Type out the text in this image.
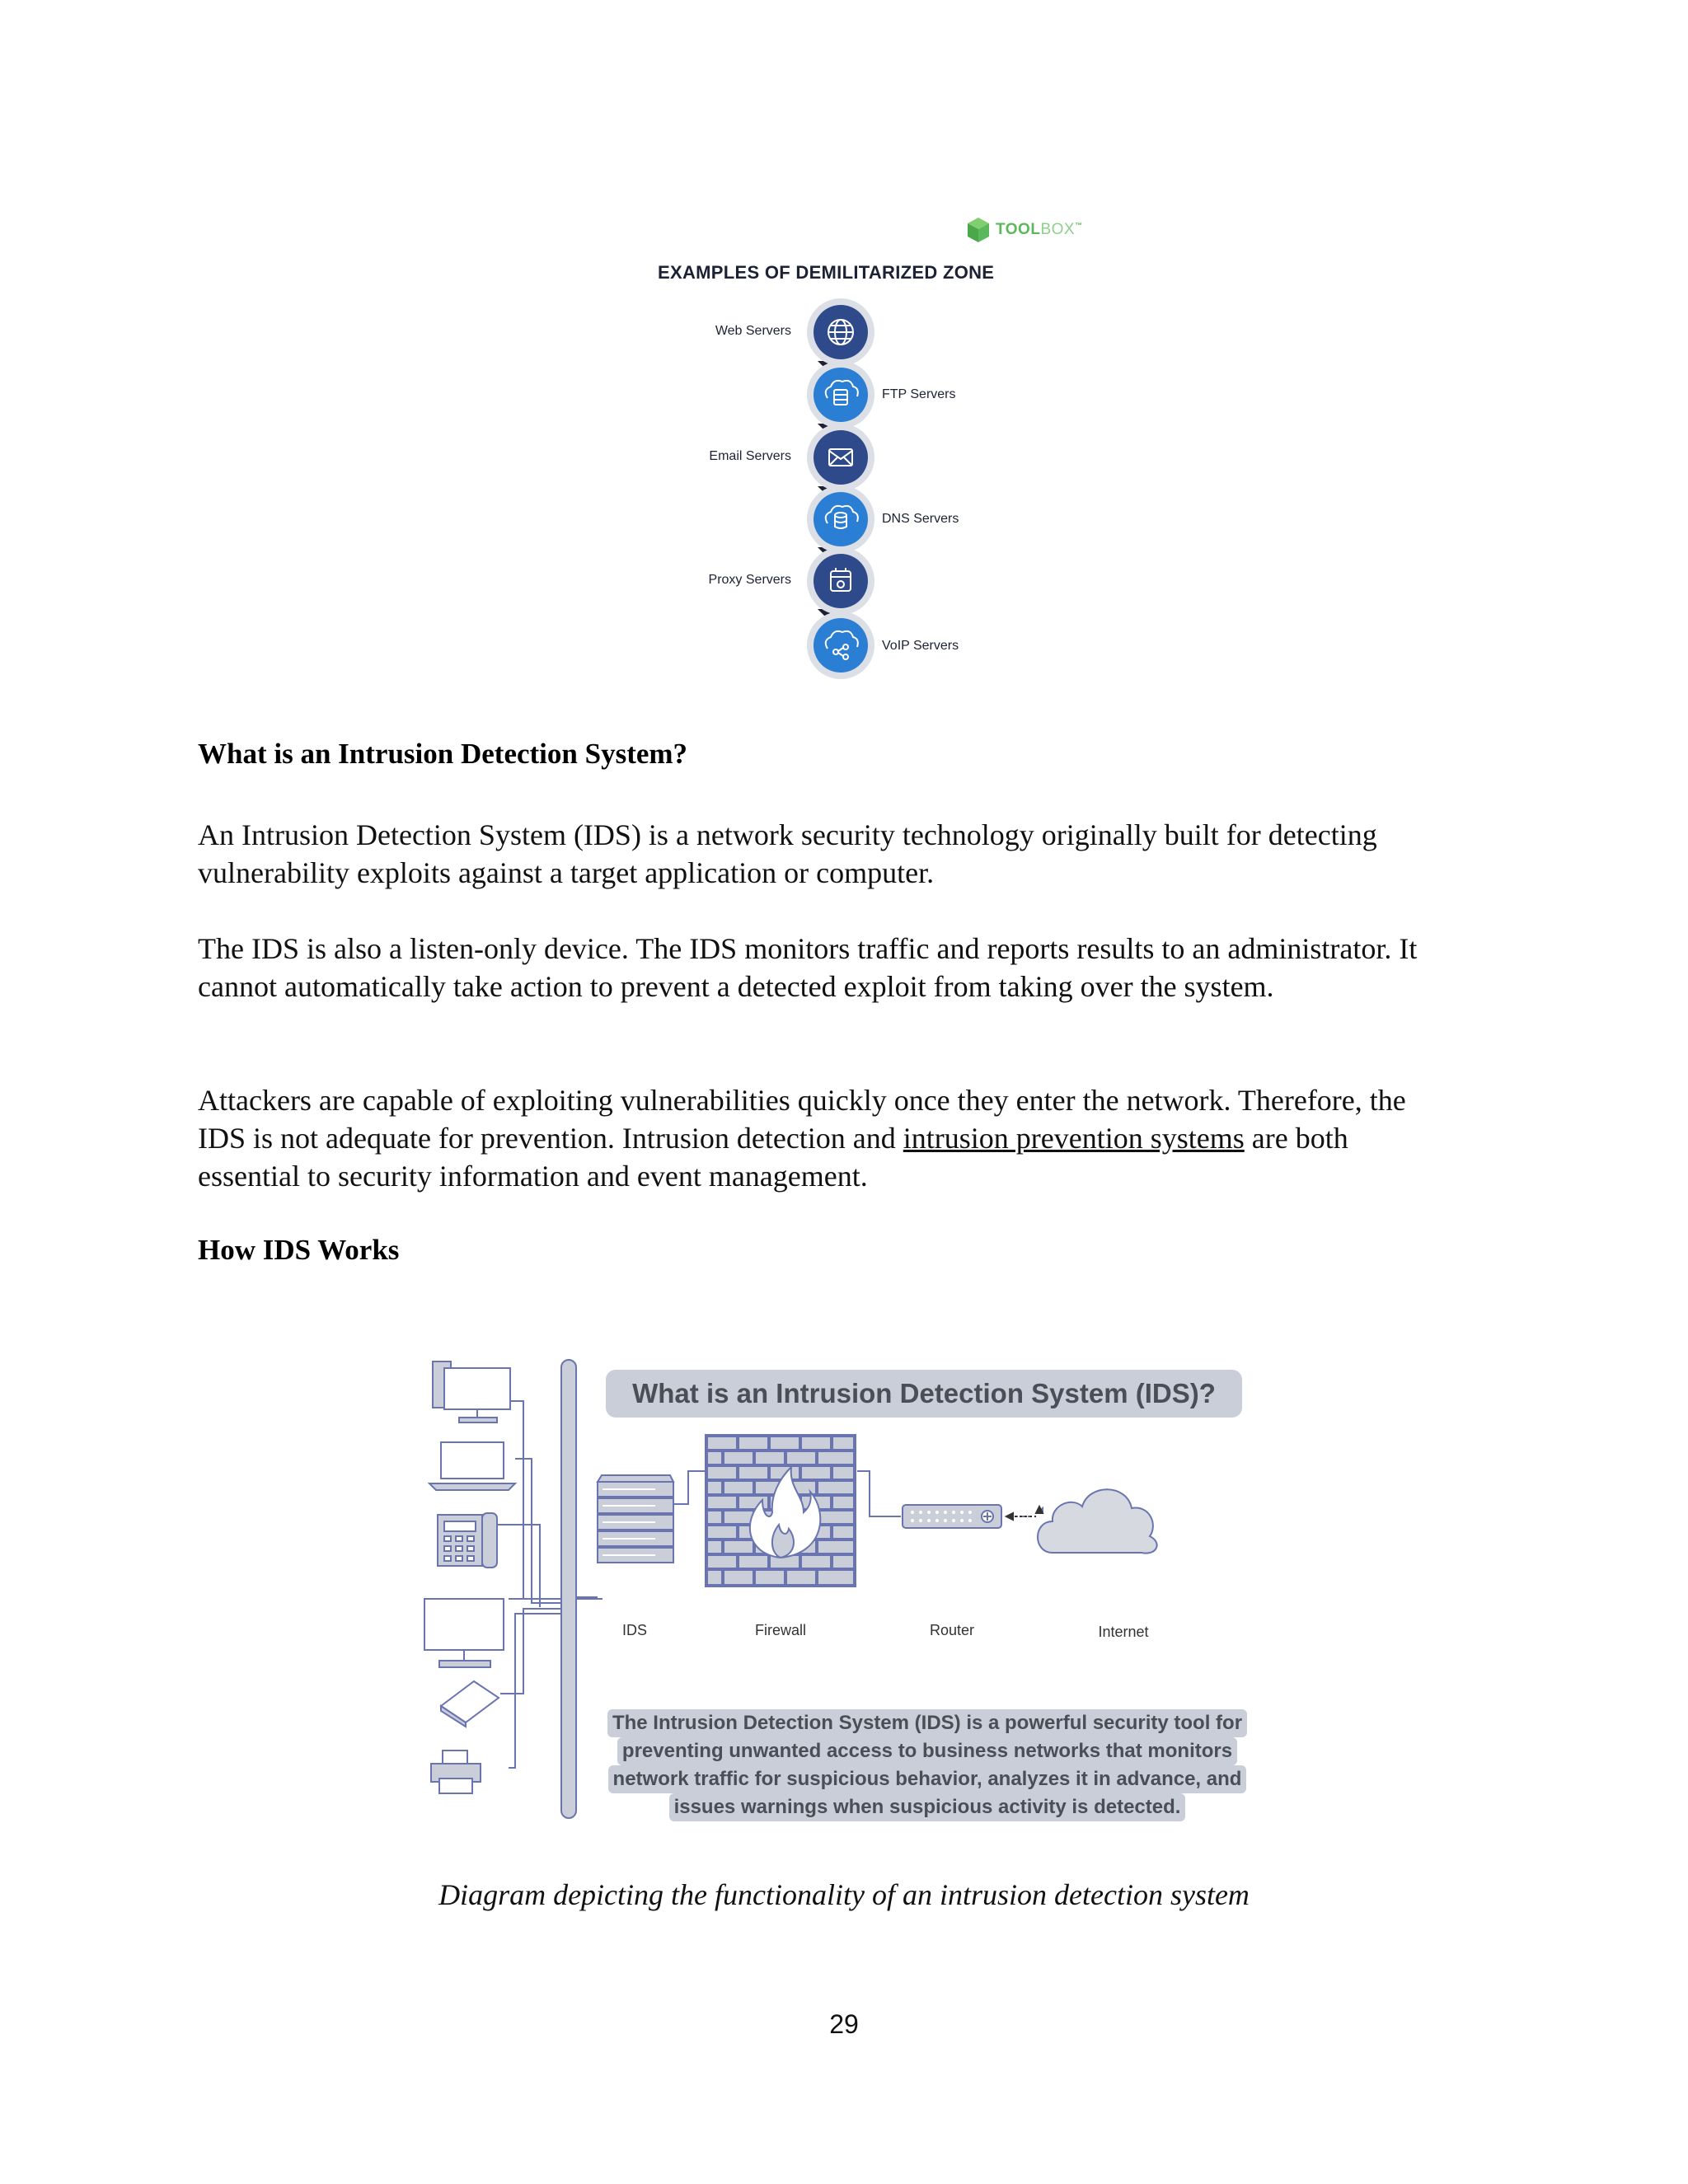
TOOLBOX™
EXAMPLES OF DEMILITARIZED ZONE
Web Servers
FTP Servers
Email Servers
DNS Servers
Proxy Servers
VoIP Servers
What is an Intrusion Detection System?

An Intrusion Detection System (IDS) is a network security technology originally built for detecting vulnerability exploits against a target application or computer.

The IDS is also a listen-only device. The IDS monitors traffic and reports results to an administrator. It cannot automatically take action to prevent a detected exploit from taking over the system.

Attackers are capable of exploiting vulnerabilities quickly once they enter the network. Therefore, the IDS is not adequate for prevention. Intrusion detection and intrusion prevention systems are both essential to security information and event management.

How IDS Works
What is an Intrusion Detection System (IDS)?
IDS	Firewall	Router	Internet
The Intrusion Detection System (IDS) is a powerful security tool for
preventing unwanted access to business networks that monitors
network traffic for suspicious behavior, analyzes it in advance, and
issues warnings when suspicious activity is detected.
Diagram depicting the functionality of an intrusion detection system
29
